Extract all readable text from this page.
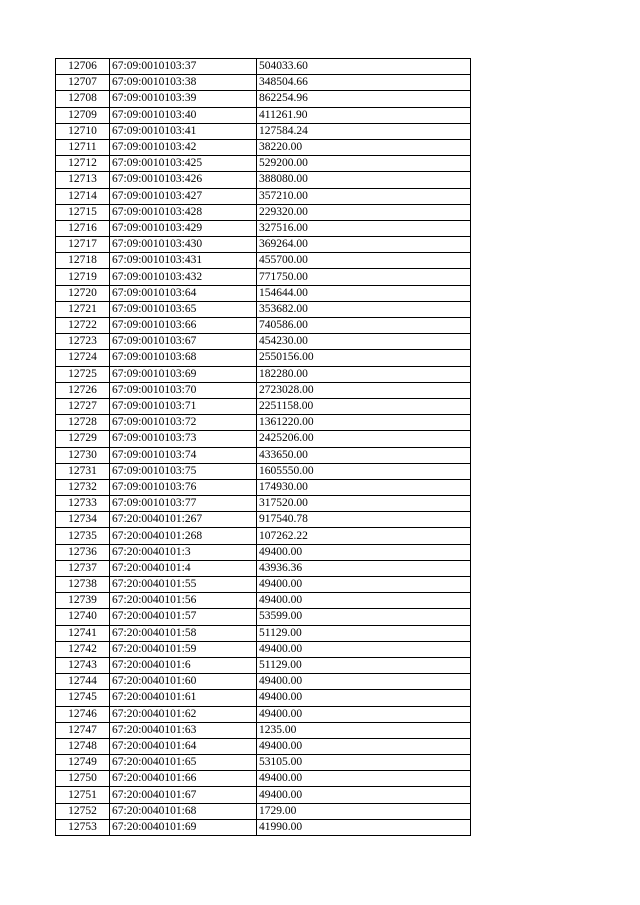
12706	67:09:0010103:37	504033.60
12707	67:09:0010103:38	348504.66
12708	67:09:0010103:39	862254.96
12709	67:09:0010103:40	411261.90
12710	67:09:0010103:41	127584.24
12711	67:09:0010103:42	38220.00
12712	67:09:0010103:425	529200.00
12713	67:09:0010103:426	388080.00
12714	67:09:0010103:427	357210.00
12715	67:09:0010103:428	229320.00
12716	67:09:0010103:429	327516.00
12717	67:09:0010103:430	369264.00
12718	67:09:0010103:431	455700.00
12719	67:09:0010103:432	771750.00
12720	67:09:0010103:64	154644.00
12721	67:09:0010103:65	353682.00
12722	67:09:0010103:66	740586.00
12723	67:09:0010103:67	454230.00
12724	67:09:0010103:68	2550156.00
12725	67:09:0010103:69	182280.00
12726	67:09:0010103:70	2723028.00
12727	67:09:0010103:71	2251158.00
12728	67:09:0010103:72	1361220.00
12729	67:09:0010103:73	2425206.00
12730	67:09:0010103:74	433650.00
12731	67:09:0010103:75	1605550.00
12732	67:09:0010103:76	174930.00
12733	67:09:0010103:77	317520.00
12734	67:20:0040101:267	917540.78
12735	67:20:0040101:268	107262.22
12736	67:20:0040101:3	49400.00
12737	67:20:0040101:4	43936.36
12738	67:20:0040101:55	49400.00
12739	67:20:0040101:56	49400.00
12740	67:20:0040101:57	53599.00
12741	67:20:0040101:58	51129.00
12742	67:20:0040101:59	49400.00
12743	67:20:0040101:6	51129.00
12744	67:20:0040101:60	49400.00
12745	67:20:0040101:61	49400.00
12746	67:20:0040101:62	49400.00
12747	67:20:0040101:63	1235.00
12748	67:20:0040101:64	49400.00
12749	67:20:0040101:65	53105.00
12750	67:20:0040101:66	49400.00
12751	67:20:0040101:67	49400.00
12752	67:20:0040101:68	1729.00
12753	67:20:0040101:69	41990.00
